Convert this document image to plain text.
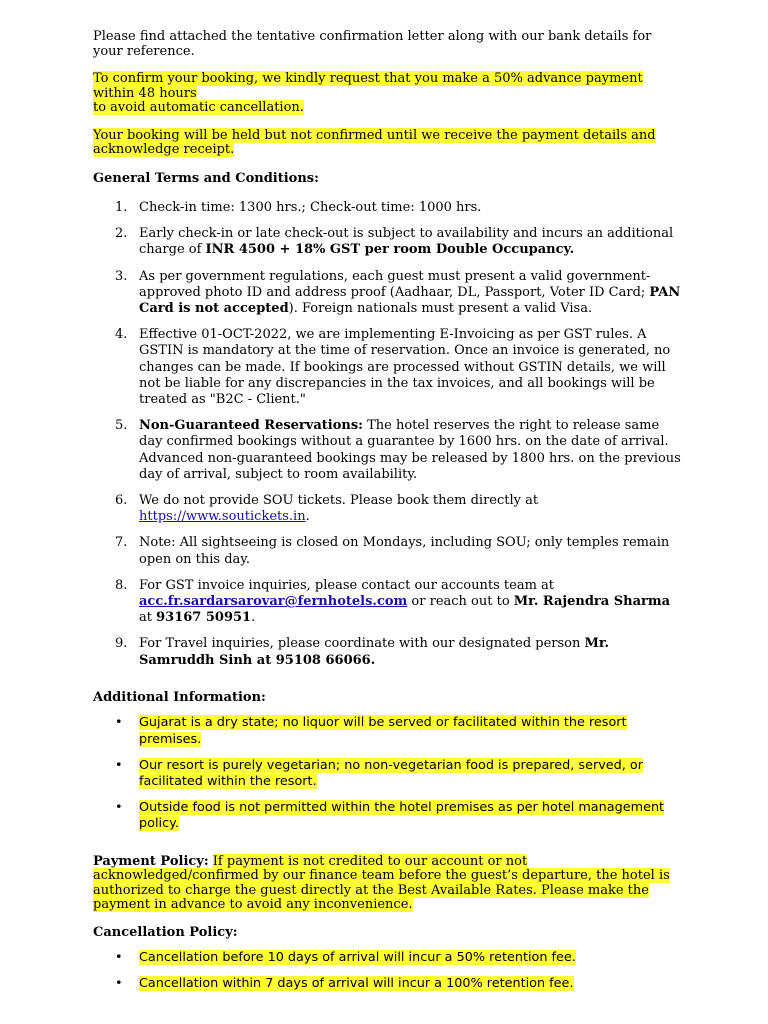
Please find attached the tentative confirmation letter along with our bank details for your reference.

To confirm your booking, we kindly request that you make a 50% advance payment within 48 hours
to avoid automatic cancellation.

Your booking will be held but not confirmed until we receive the payment details and acknowledge receipt.

General Terms and Conditions:

1. Check-in time: 1300 hrs.; Check-out time: 1000 hrs.
2. Early check-in or late check-out is subject to availability and incurs an additional charge of INR 4500 + 18% GST per room Double Occupancy.
3. As per government regulations, each guest must present a valid government-approved photo ID and address proof (Aadhaar, DL, Passport, Voter ID Card; PAN Card is not accepted). Foreign nationals must present a valid Visa.
4. Effective 01-OCT-2022, we are implementing E-Invoicing as per GST rules. A GSTIN is mandatory at the time of reservation. Once an invoice is generated, no changes can be made. If bookings are processed without GSTIN details, we will not be liable for any discrepancies in the tax invoices, and all bookings will be treated as "B2C - Client."
5. Non-Guaranteed Reservations: The hotel reserves the right to release same day confirmed bookings without a guarantee by 1600 hrs. on the date of arrival. Advanced non-guaranteed bookings may be released by 1800 hrs. on the previous day of arrival, subject to room availability.
6. We do not provide SOU tickets. Please book them directly at https://www.soutickets.in.
7. Note: All sightseeing is closed on Mondays, including SOU; only temples remain open on this day.
8. For GST invoice inquiries, please contact our accounts team at acc.fr.sardarsarovar@fernhotels.com or reach out to Mr. Rajendra Sharma at 93167 50951.
9. For Travel inquiries, please coordinate with our designated person Mr. Samruddh Sinh at 95108 66066.

Additional Information:

•	Gujarat is a dry state; no liquor will be served or facilitated within the resort premises.
•	Our resort is purely vegetarian; no non-vegetarian food is prepared, served, or facilitated within the resort.
•	Outside food is not permitted within the hotel premises as per hotel management policy.

Payment Policy: If payment is not credited to our account or not acknowledged/confirmed by our finance team before the guest’s departure, the hotel is authorized to charge the guest directly at the Best Available Rates. Please make the payment in advance to avoid any inconvenience.

Cancellation Policy:

•	Cancellation before 10 days of arrival will incur a 50% retention fee.
•	Cancellation within 7 days of arrival will incur a 100% retention fee.
